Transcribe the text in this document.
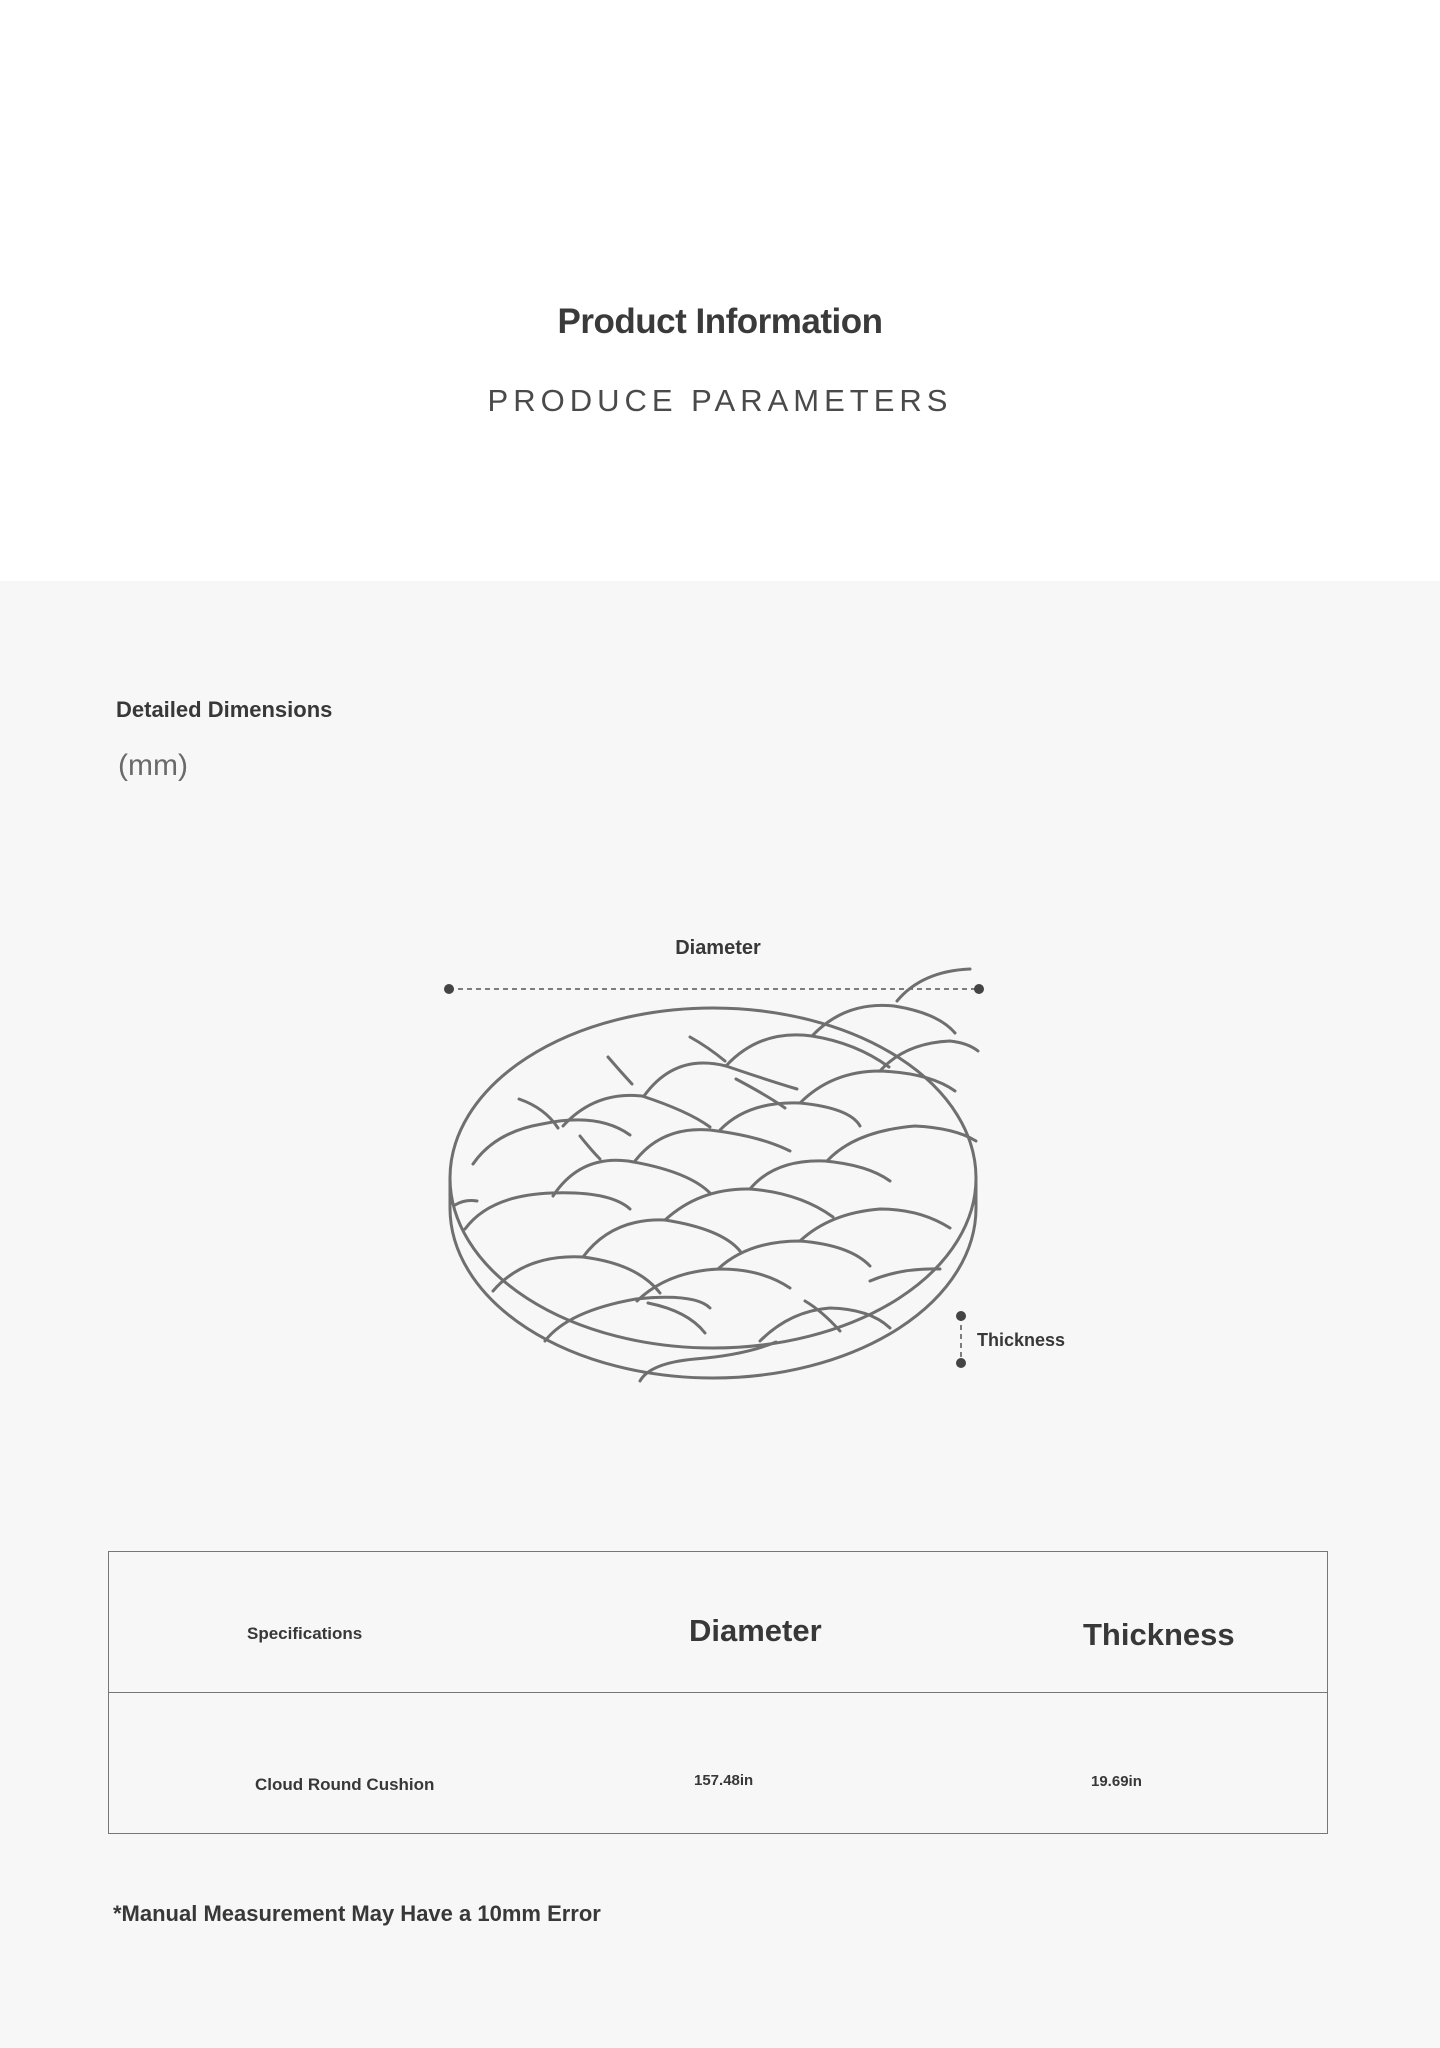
Product Information
PRODUCE PARAMETERS
Detailed Dimensions
(mm)
Diameter
Thickness
Specifications	Diameter	Thickness
Cloud Round Cushion	157.48in	19.69in
*Manual Measurement May Have a 10mm Error
